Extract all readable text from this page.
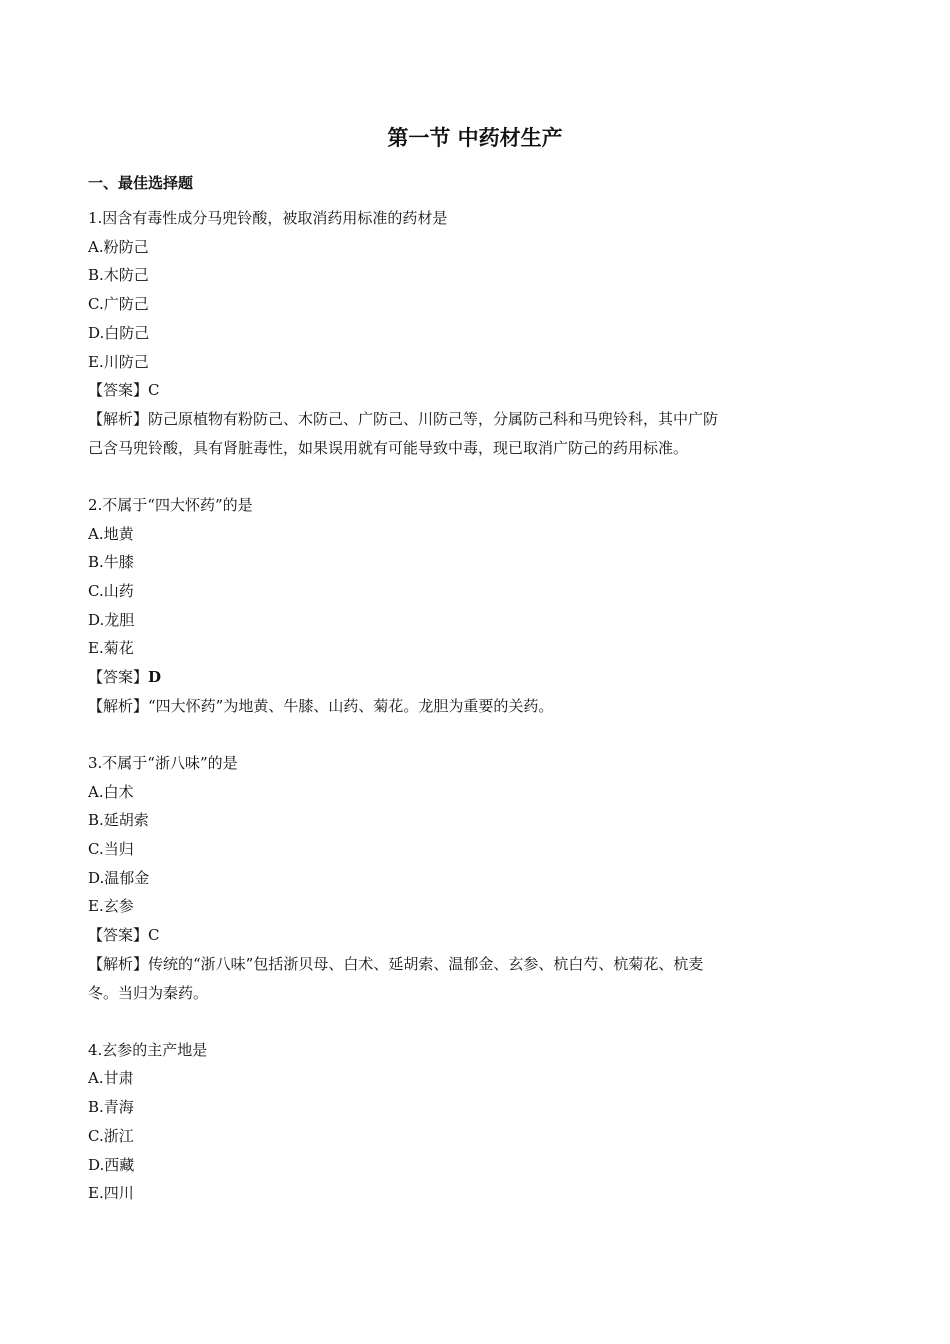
第一节 中药材生产
一、最佳选择题
1.因含有毒性成分马兜铃酸，被取消药用标准的药材是
A.粉防己
B.木防己
C.广防己
D.白防己
E.川防己
【答案】C
【解析】防己原植物有粉防己、木防己、广防己、川防己等，分属防己科和马兜铃科，其中广防
己含马兜铃酸，具有肾脏毒性，如果误用就有可能导致中毒，现已取消广防己的药用标准。
2.不属于“四大怀药”的是
A.地黄
B.牛膝
C.山药
D.龙胆
E.菊花
【答案】D
【解析】“四大怀药”为地黄、牛膝、山药、菊花。龙胆为重要的关药。
3.不属于“浙八味”的是
A.白术
B.延胡索
C.当归
D.温郁金
E.玄参
【答案】C
【解析】传统的“浙八味”包括浙贝母、白术、延胡索、温郁金、玄参、杭白芍、杭菊花、杭麦
冬。当归为秦药。
4.玄参的主产地是
A.甘肃
B.青海
C.浙江
D.西藏
E.四川
